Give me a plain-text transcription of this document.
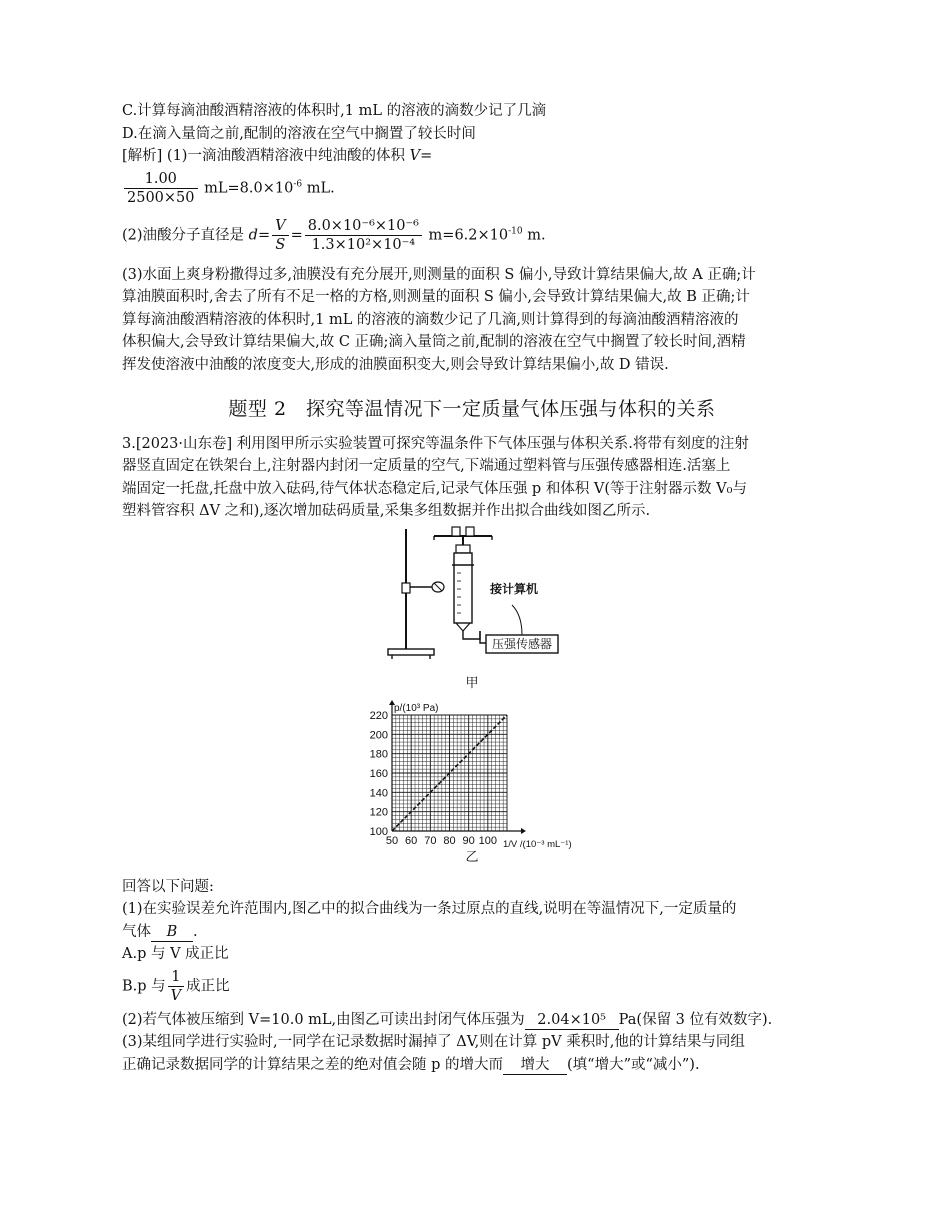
C.计算每滴油酸酒精溶液的体积时,1 mL 的溶液的滴数少记了几滴
D.在滴入量筒之前,配制的溶液在空气中搁置了较长时间
[解析] (1)一滴油酸酒精溶液中纯油酸的体积 V=
$\frac{1.00}{2500\times 50} mL=8.0\times 10^{-6}$ mL.
(2)油酸分子直径是 $d= \frac{V}{S} = \frac{\text{8.0×10⁻⁶×10⁻⁶}}{\text{1.3×10²×10⁻⁴}} m=6.2\times 10^{-10}$ m.
(3)水面上爽身粉撒得过多,油膜没有充分展开,则测量的面积 S 偏小,导致计算结果偏大,故 A 正确;计
算油膜面积时,舍去了所有不足一格的方格,则测量的面积 S 偏小,会导致计算结果偏大,故 B 正确;计
算每滴油酸酒精溶液的体积时,1 mL 的溶液的滴数少记了几滴,则计算得到的每滴油酸酒精溶液的
体积偏大,会导致计算结果偏大,故 C 正确;滴入量筒之前,配制的溶液在空气中搁置了较长时间,酒精
挥发使溶液中油酸的浓度变大,形成的油膜面积变大,则会导致计算结果偏小,故 D 错误.
题型 2　探究等温情况下一定质量气体压强与体积的关系
3.[2023·山东卷] 利用图甲所示实验装置可探究等温条件下气体压强与体积关系.将带有刻度的注射
器竖直固定在铁架台上,注射器内封闭一定质量的空气,下端通过塑料管与压强传感器相连.活塞上
端固定一托盘,托盘中放入砝码,待气体状态稳定后,记录气体压强 p 和体积 V(等于注射器示数 V₀与
塑料管容积 ΔV 之和),逐次增加砝码质量,采集多组数据并作出拟合曲线如图乙所示.
压强传感器
接计算机
甲
50 60 70 80 90 100
100
120
140
160
180
200
220
p/(10³ Pa)
1/V /(10⁻³ mL⁻¹)
乙
回答以下问题:
(1)在实验误差允许范围内,图乙中的拟合曲线为一条过原点的直线,说明在等温情况下,一定质量的
气体 B .
A.p 与 V 成正比
B.p 与 $\frac{1}{V}$ 成正比
(2)若气体被压缩到 V=10.0 mL,由图乙可读出封闭气体压强为 2.04×10⁵ Pa(保留 3 位有效数字).
(3)某组同学进行实验时,一同学在记录数据时漏掉了 ΔV,则在计算 pV 乘积时,他的计算结果与同组
正确记录数据同学的计算结果之差的绝对值会随 p 的增大而 增大 (填“增大”或“减小”).
